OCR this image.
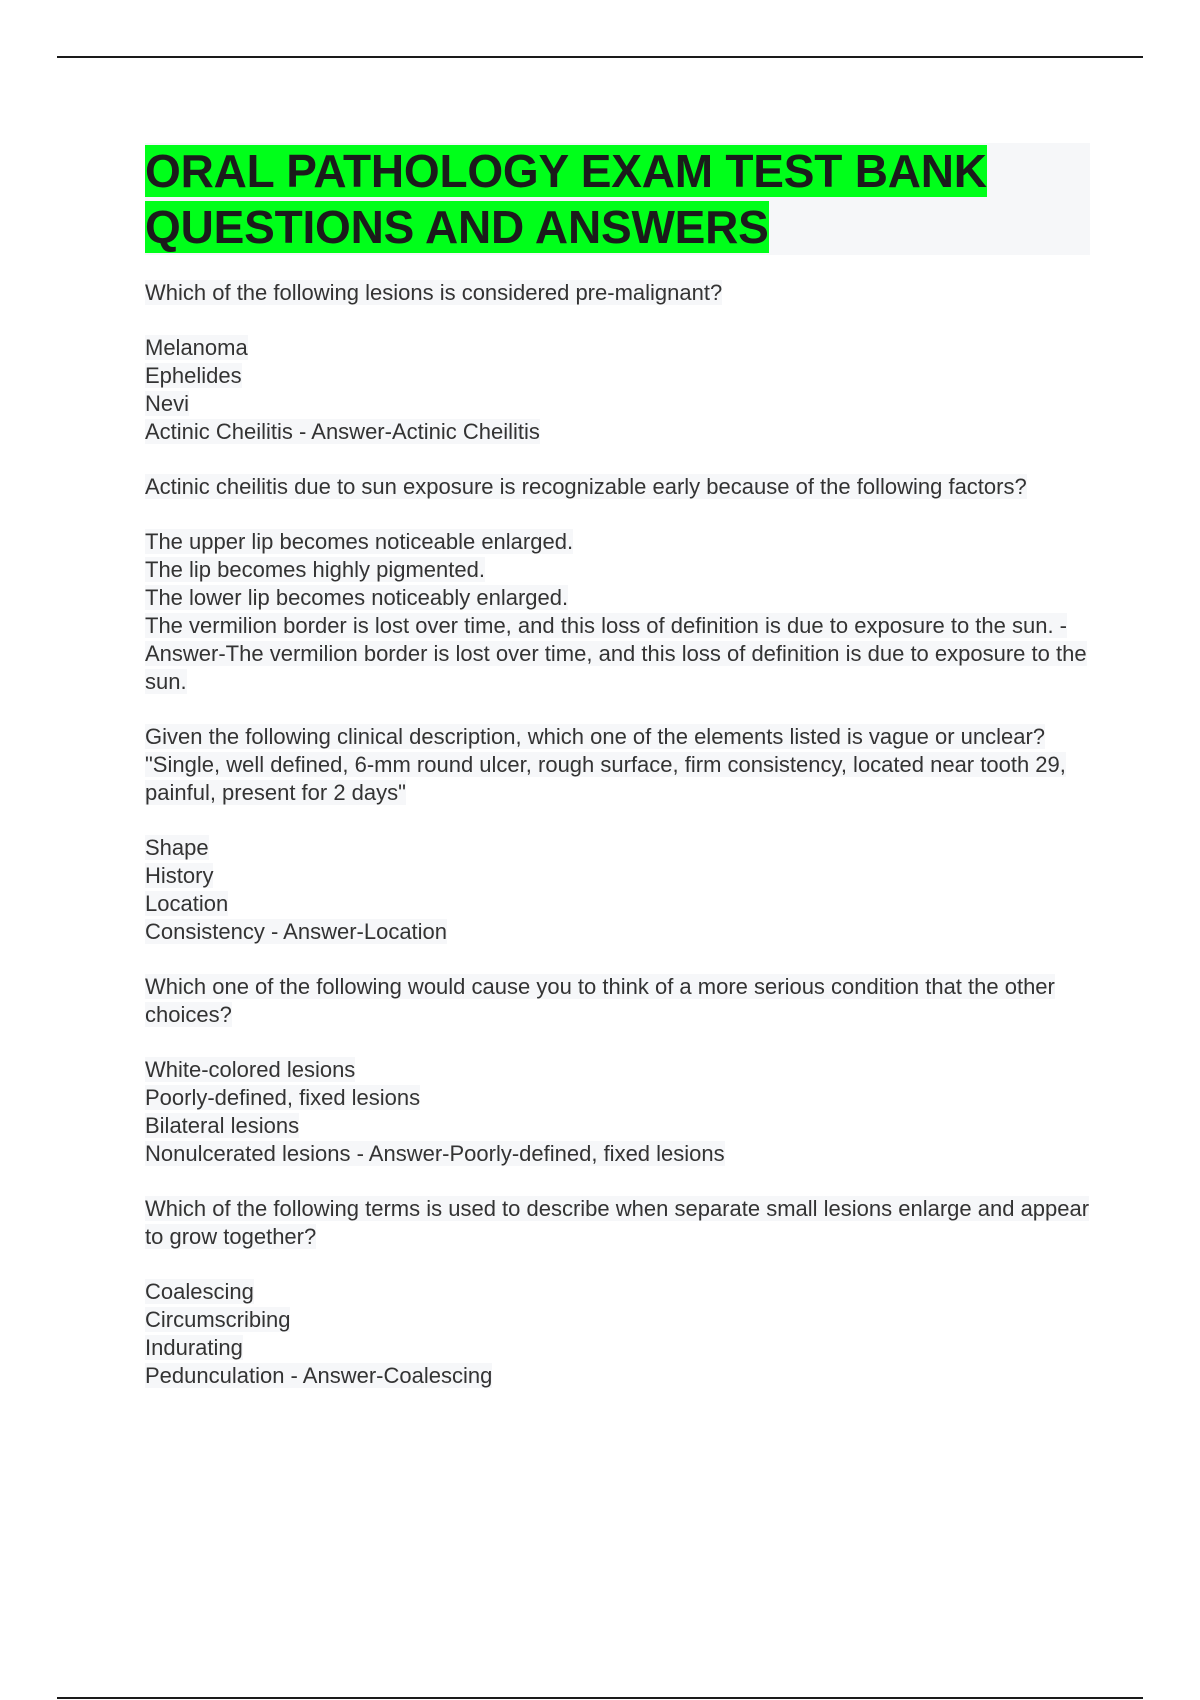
ORAL PATHOLOGY EXAM TEST BANK QUESTIONS AND ANSWERS
Which of the following lesions is considered pre-malignant?
Melanoma
Ephelides
Nevi
Actinic Cheilitis - Answer-Actinic Cheilitis
Actinic cheilitis due to sun exposure is recognizable early because of the following factors?
The upper lip becomes noticeable enlarged.
The lip becomes highly pigmented.
The lower lip becomes noticeably enlarged.
The vermilion border is lost over time, and this loss of definition is due to exposure to the sun. - Answer-The vermilion border is lost over time, and this loss of definition is due to exposure to the sun.
Given the following clinical description, which one of the elements listed is vague or unclear? "Single, well defined, 6-mm round ulcer, rough surface, firm consistency, located near tooth 29, painful, present for 2 days"
Shape
History
Location
Consistency - Answer-Location
Which one of the following would cause you to think of a more serious condition that the other choices?
White-colored lesions
Poorly-defined, fixed lesions
Bilateral lesions
Nonulcerated lesions - Answer-Poorly-defined, fixed lesions
Which of the following terms is used to describe when separate small lesions enlarge and appear to grow together?
Coalescing
Circumscribing
Indurating
Pedunculation - Answer-Coalescing
